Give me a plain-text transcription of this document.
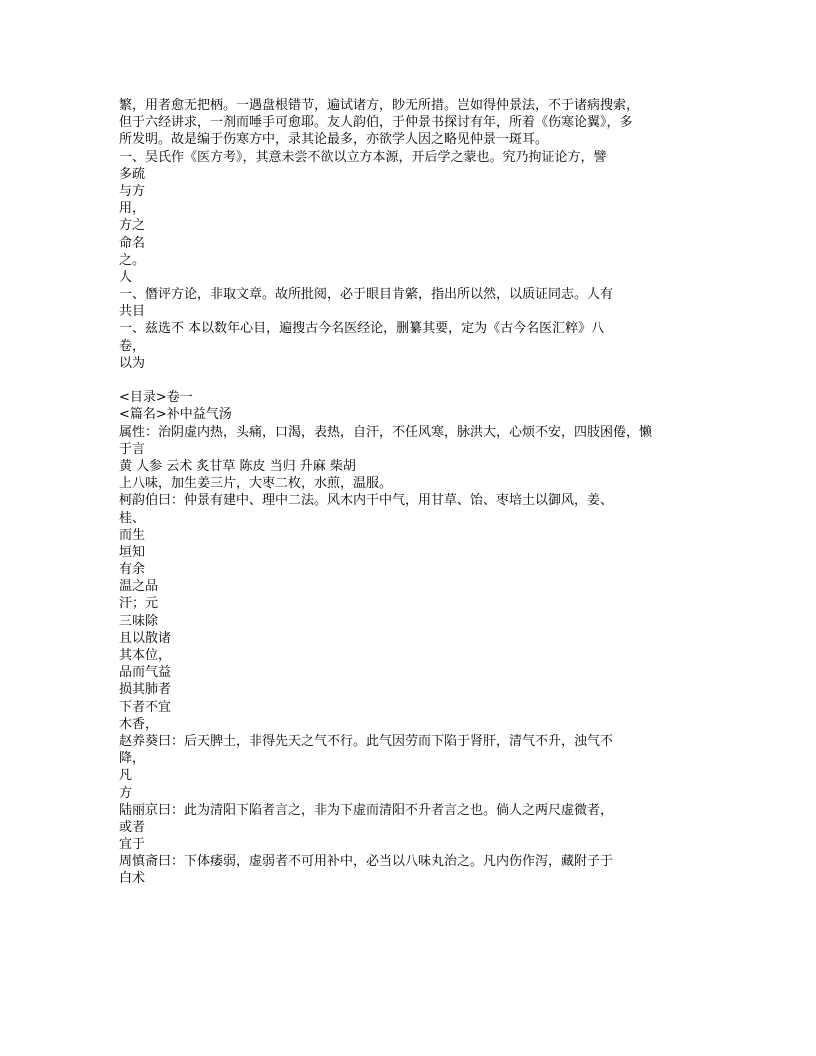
繁，用者愈无把柄。一遇盘根错节，遍试诸方，眇无所措。岂如得仲景法，不于诸病搜索，
但于六经讲求，一剂而唾手可愈耶。友人韵伯，于仲景书探讨有年，所着《伤寒论翼》，多
所发明。故是编于伤寒方中，录其论最多，亦欲学人因之略见仲景一斑耳。
一、吴氏作《医方考》，其意未尝不欲以立方本源，开后学之蒙也。究乃拘证论方，譬
多疏
与方
用，
方之
命名
之。
人
一、僭评方论，非取文章。故所批阅，必于眼目肯綮，指出所以然，以质证同志。人有
共目
一、兹选不 本以数年心目，遍搜古今名医经论，删纂其要，定为《古今名医汇粹》八
卷，
以为
<目录>卷一
<篇名>补中益气汤
属性：治阴虚内热，头痛，口渴，表热，自汗，不任风寒，脉洪大，心烦不安，四肢困倦，懒
于言
黄 人参 云术 炙甘草 陈皮 当归 升麻 柴胡
上八味，加生姜三片，大枣二枚，水煎，温服。
柯韵伯曰：仲景有建中、理中二法。风木内干中气，用甘草、饴、枣培土以御风，姜、
桂、
而生
垣知
有余
温之品
汗；元
三味除
且以散诸
其本位，
品而气益
损其肺者
下者不宜
木香，
赵养葵曰：后天脾土，非得先天之气不行。此气因劳而下陷于肾肝，清气不升，浊气不
降，
凡
方
陆丽京曰：此为清阳下陷者言之，非为下虚而清阳不升者言之也。倘人之两尺虚微者，
或者
宜于
周慎斋曰：下体痿弱，虚弱者不可用补中，必当以八味丸治之。凡内伤作泻，藏附子于
白术
